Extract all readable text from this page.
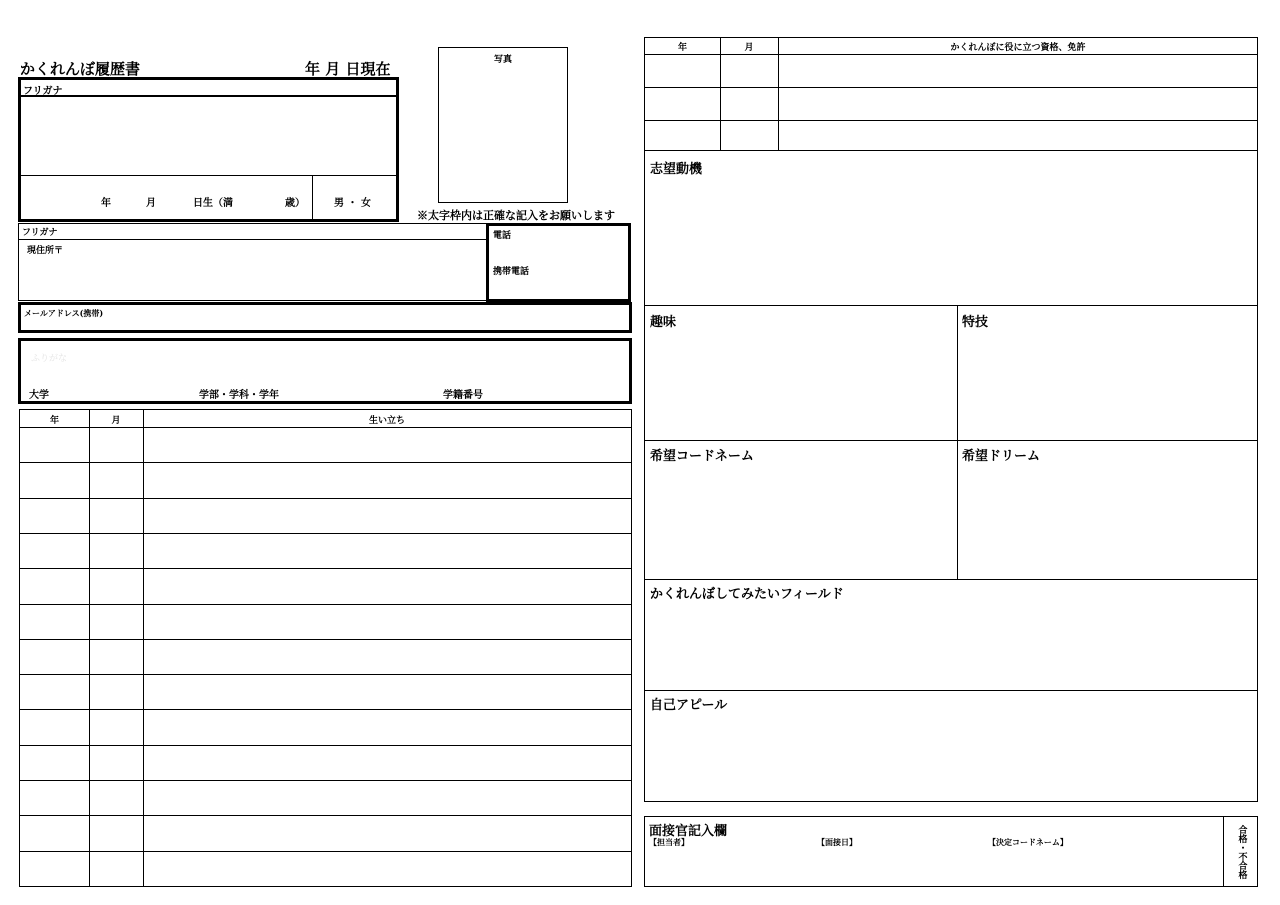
かくれんぼ履歴書	年 月 日現在	写真
フリガナ
年	月	日生（満	歳）	男 ・ 女
※太字枠内は正確な記入をお願いします
フリガナ
現住所〒
電話
携帯電話
メールアドレス(携帯)
ふりがな
大学	学部・学科・学年	学籍番号
年	月	生い立ち
年	月	かくれんぼに役に立つ資格、免許
志望動機
趣味	特技
希望コードネーム	希望ドリーム
かくれんぼしてみたいフィールド
自己アピール
面接官記入欄
【担当者】	【面接日】	【決定コードネーム】	合格・不合格
